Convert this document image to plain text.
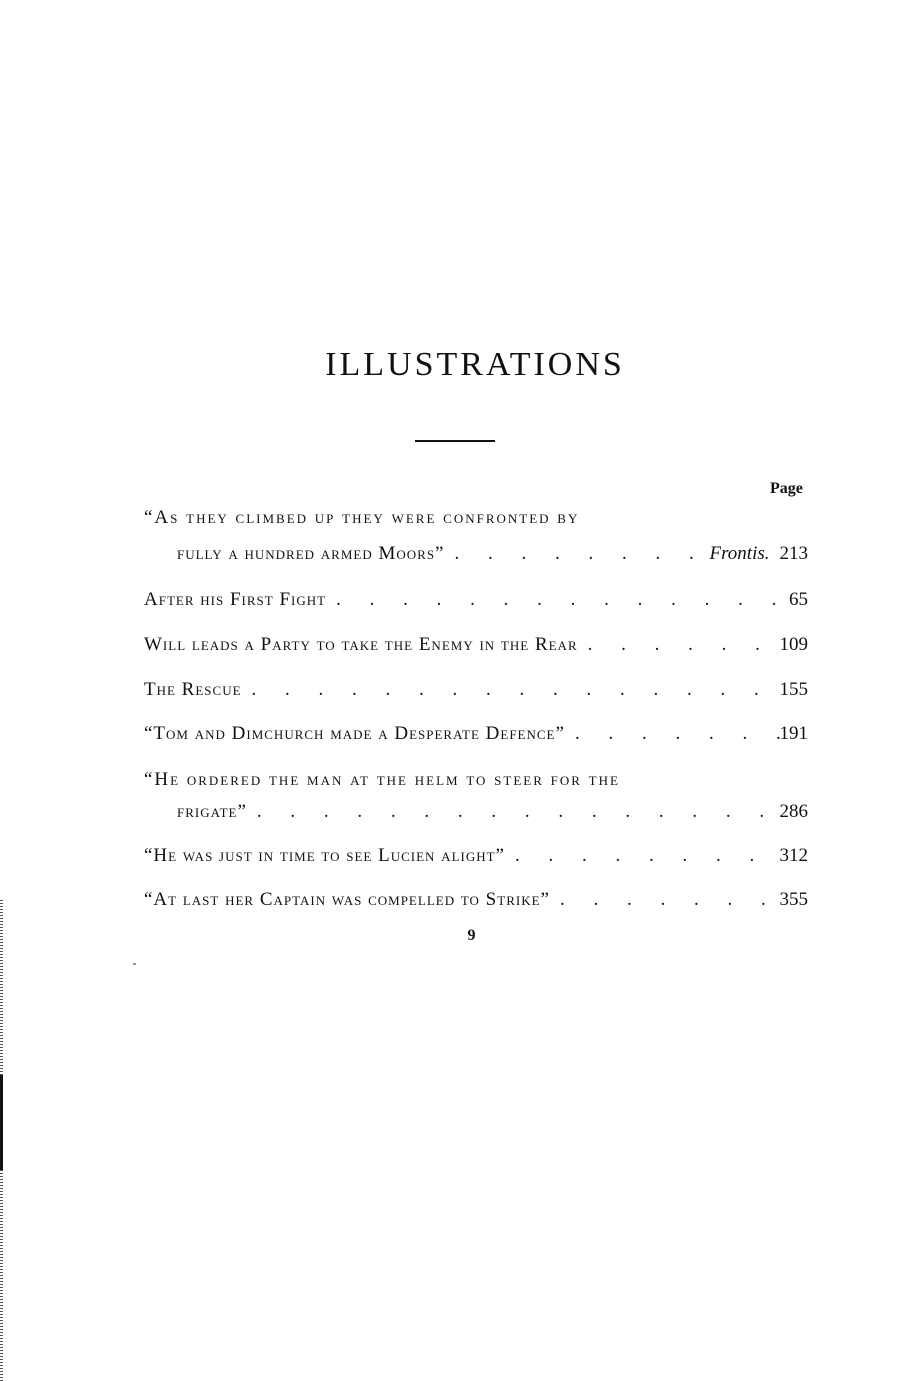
ILLUSTRATIONS
Page
“As they climbed up they were confronted by
fully a hundred armed Moors” . . .	Frontis. 213
After his First Fight . . .	65
Will leads a Party to take the Enemy in the Rear . . .	109
The Rescue . . .	155
“Tom and Dimchurch made a Desperate Defence” . . .	191
“He ordered the man at the helm to steer for the
frigate” . . .	286
“He was just in time to see Lucien alight” . . .	312
“At last her Captain was compelled to Strike” . . .	355
9
